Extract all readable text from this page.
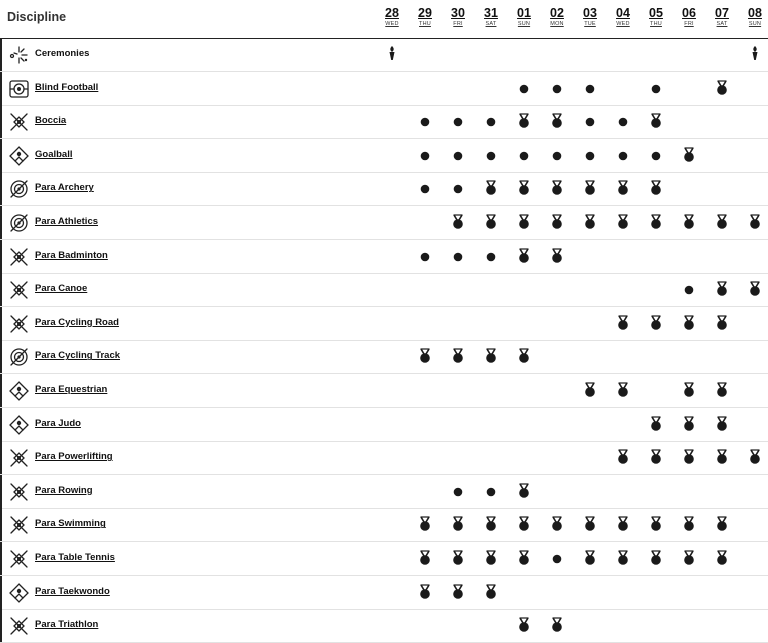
Discipline	28
WED
29
THU
30
FRI
31
SAT
01
SUN
02
MON
03
TUE
04
WED
05
THU
06
FRI
07
SAT
08
SUN
Ceremonies
Blind Football
Boccia
Goalball
Para Archery
Para Athletics
Para Badminton
Para Canoe
Para Cycling Road
Para Cycling Track
Para Equestrian
Para Judo
Para Powerlifting
Para Rowing
Para Swimming
Para Table Tennis
Para Taekwondo
Para Triathlon
